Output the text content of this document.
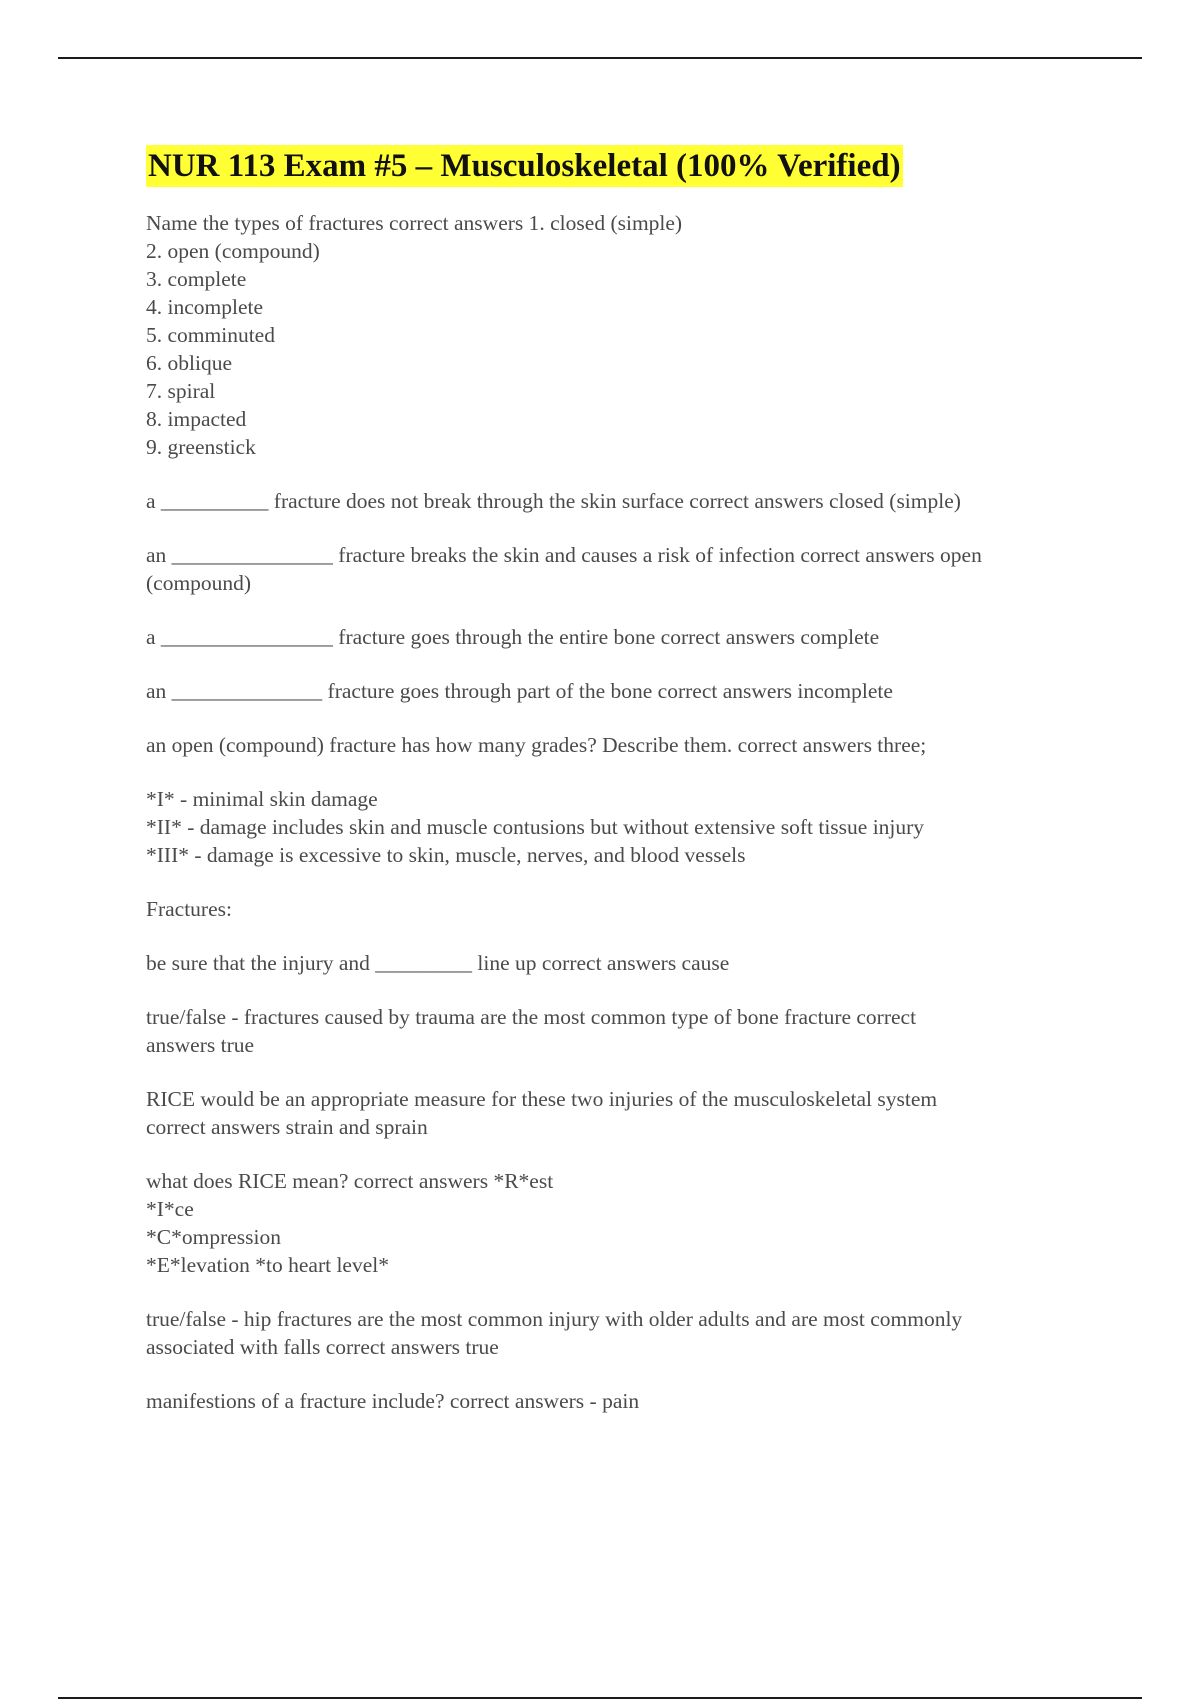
NUR 113 Exam #5 – Musculoskeletal (100% Verified)
Name the types of fractures correct answers 1. closed (simple)
2. open (compound)
3. complete
4. incomplete
5. comminuted
6. oblique
7. spiral
8. impacted
9. greenstick
a __________ fracture does not break through the skin surface correct answers closed (simple)
an _______________ fracture breaks the skin and causes a risk of infection correct answers open
(compound)
a ________________ fracture goes through the entire bone correct answers complete
an ______________ fracture goes through part of the bone correct answers incomplete
an open (compound) fracture has how many grades? Describe them. correct answers three;
*I* - minimal skin damage
*II* - damage includes skin and muscle contusions but without extensive soft tissue injury
*III* - damage is excessive to skin, muscle, nerves, and blood vessels
Fractures:
be sure that the injury and _________ line up correct answers cause
true/false - fractures caused by trauma are the most common type of bone fracture correct
answers true
RICE would be an appropriate measure for these two injuries of the musculoskeletal system
correct answers strain and sprain
what does RICE mean? correct answers *R*est
*I*ce
*C*ompression
*E*levation *to heart level*
true/false - hip fractures are the most common injury with older adults and are most commonly
associated with falls correct answers true
manifestions of a fracture include? correct answers - pain
